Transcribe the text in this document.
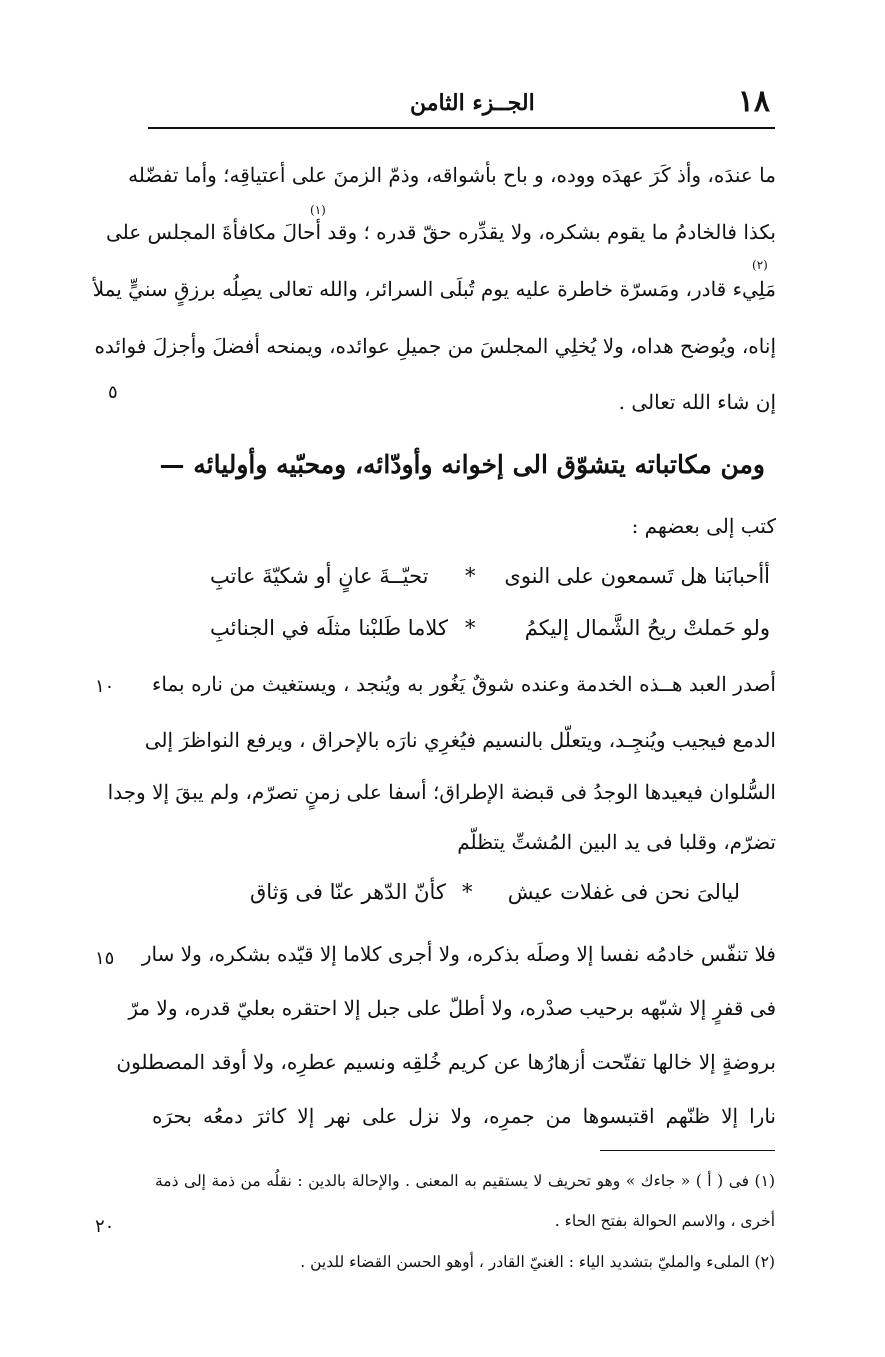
١٨
الجــزء الثامن
ما عندَه، وأذ كَرَ عهدَه ووده، و باح بأشواقه، وذمّ الزمنَ على أعتياقِه؛ وأما تفضّله
(١)
بكذا فالخادمُ ما يقوم بشكره، ولا يقدِّره حقّ قدره ؛ وقد أحالَ مكافأةَ المجلس على
(٢)
مَلِيء قادر، ومَسرّة خاطرة عليه يوم تُبلَى السرائر، والله تعالى يصِلُه برزقٍ سنيٍّ يملأ
إناه، ويُوضح هداه، ولا يُخلِي المجلسَ من جميلِ عوائده، ويمنحه أفضلَ وأجزلَ فوائده
إن شاء الله تعالى .
٥
ومن مكاتباته يتشوّق الى إخوانه وأودّائه، ومحبّيه وأوليائه —
كتب إلى بعضهم :
أأحبابَنا هل تَسمعون على النوى
*
تحيّــةَ عانٍ أو شكيّةَ عاتبِ
ولو حَملتْ ريحُ الشَّمال إليكمُ
*
كلاما طَلبْنا مثلَه في الجنائبِ
أصدر العبد هــذه الخدمة وعنده شوقٌ يَغُور به ويُنجد ، ويستغيث من ناره بماء
١٠
الدمع فيجيب ويُنجِـد، ويتعلّل بالنسيم فيُغرِي نارَه بالإحراق ، ويرفع النواظرَ إلى
السُّلوان فيعيدها الوجدُ فى قبضة الإطراق؛ أسفا على زمنٍ تصرّم، ولم يبقَ إلا وجدا
تضرّم، وقلبا فى يد البين المُشتِّ يتظلّم
ليالىَ نحن فى غفلات عيش
*
كأنّ الدّهر عنّا فى وَثاق
فلا تنفّس خادمُه نفسا إلا وصلَه بذكره، ولا أجرى كلاما إلا قيّده بشكره، ولا سار
١٥
فى قفرٍ إلا شبّهه برحيب صدْره، ولا أطلّ على جبل إلا احتقره بعليّ قدره، ولا مرّ
بروضةٍ إلا خالها تفتّحت أزهارُها عن كريم خُلقِه ونسيم عطرِه، ولا أوقد المصطلون
نارا إلا ظنّهم اقتبسوها من جمرِه، ولا نزل على نهر إلا كاثرَ دمعُه بحرَه
(١) فى ( أ ) « جاءك » وهو تحريف لا يستقيم به المعنى . والإحالة بالدين : نقلُه من ذمة إلى ذمة
أخرى ، والاسم الحوالة بفتح الحاء .
٢٠
(٢) الملىء والمليّ بتشديد الياء : الغنيّ القادر ، أوهو الحسن القضاء للدين .
